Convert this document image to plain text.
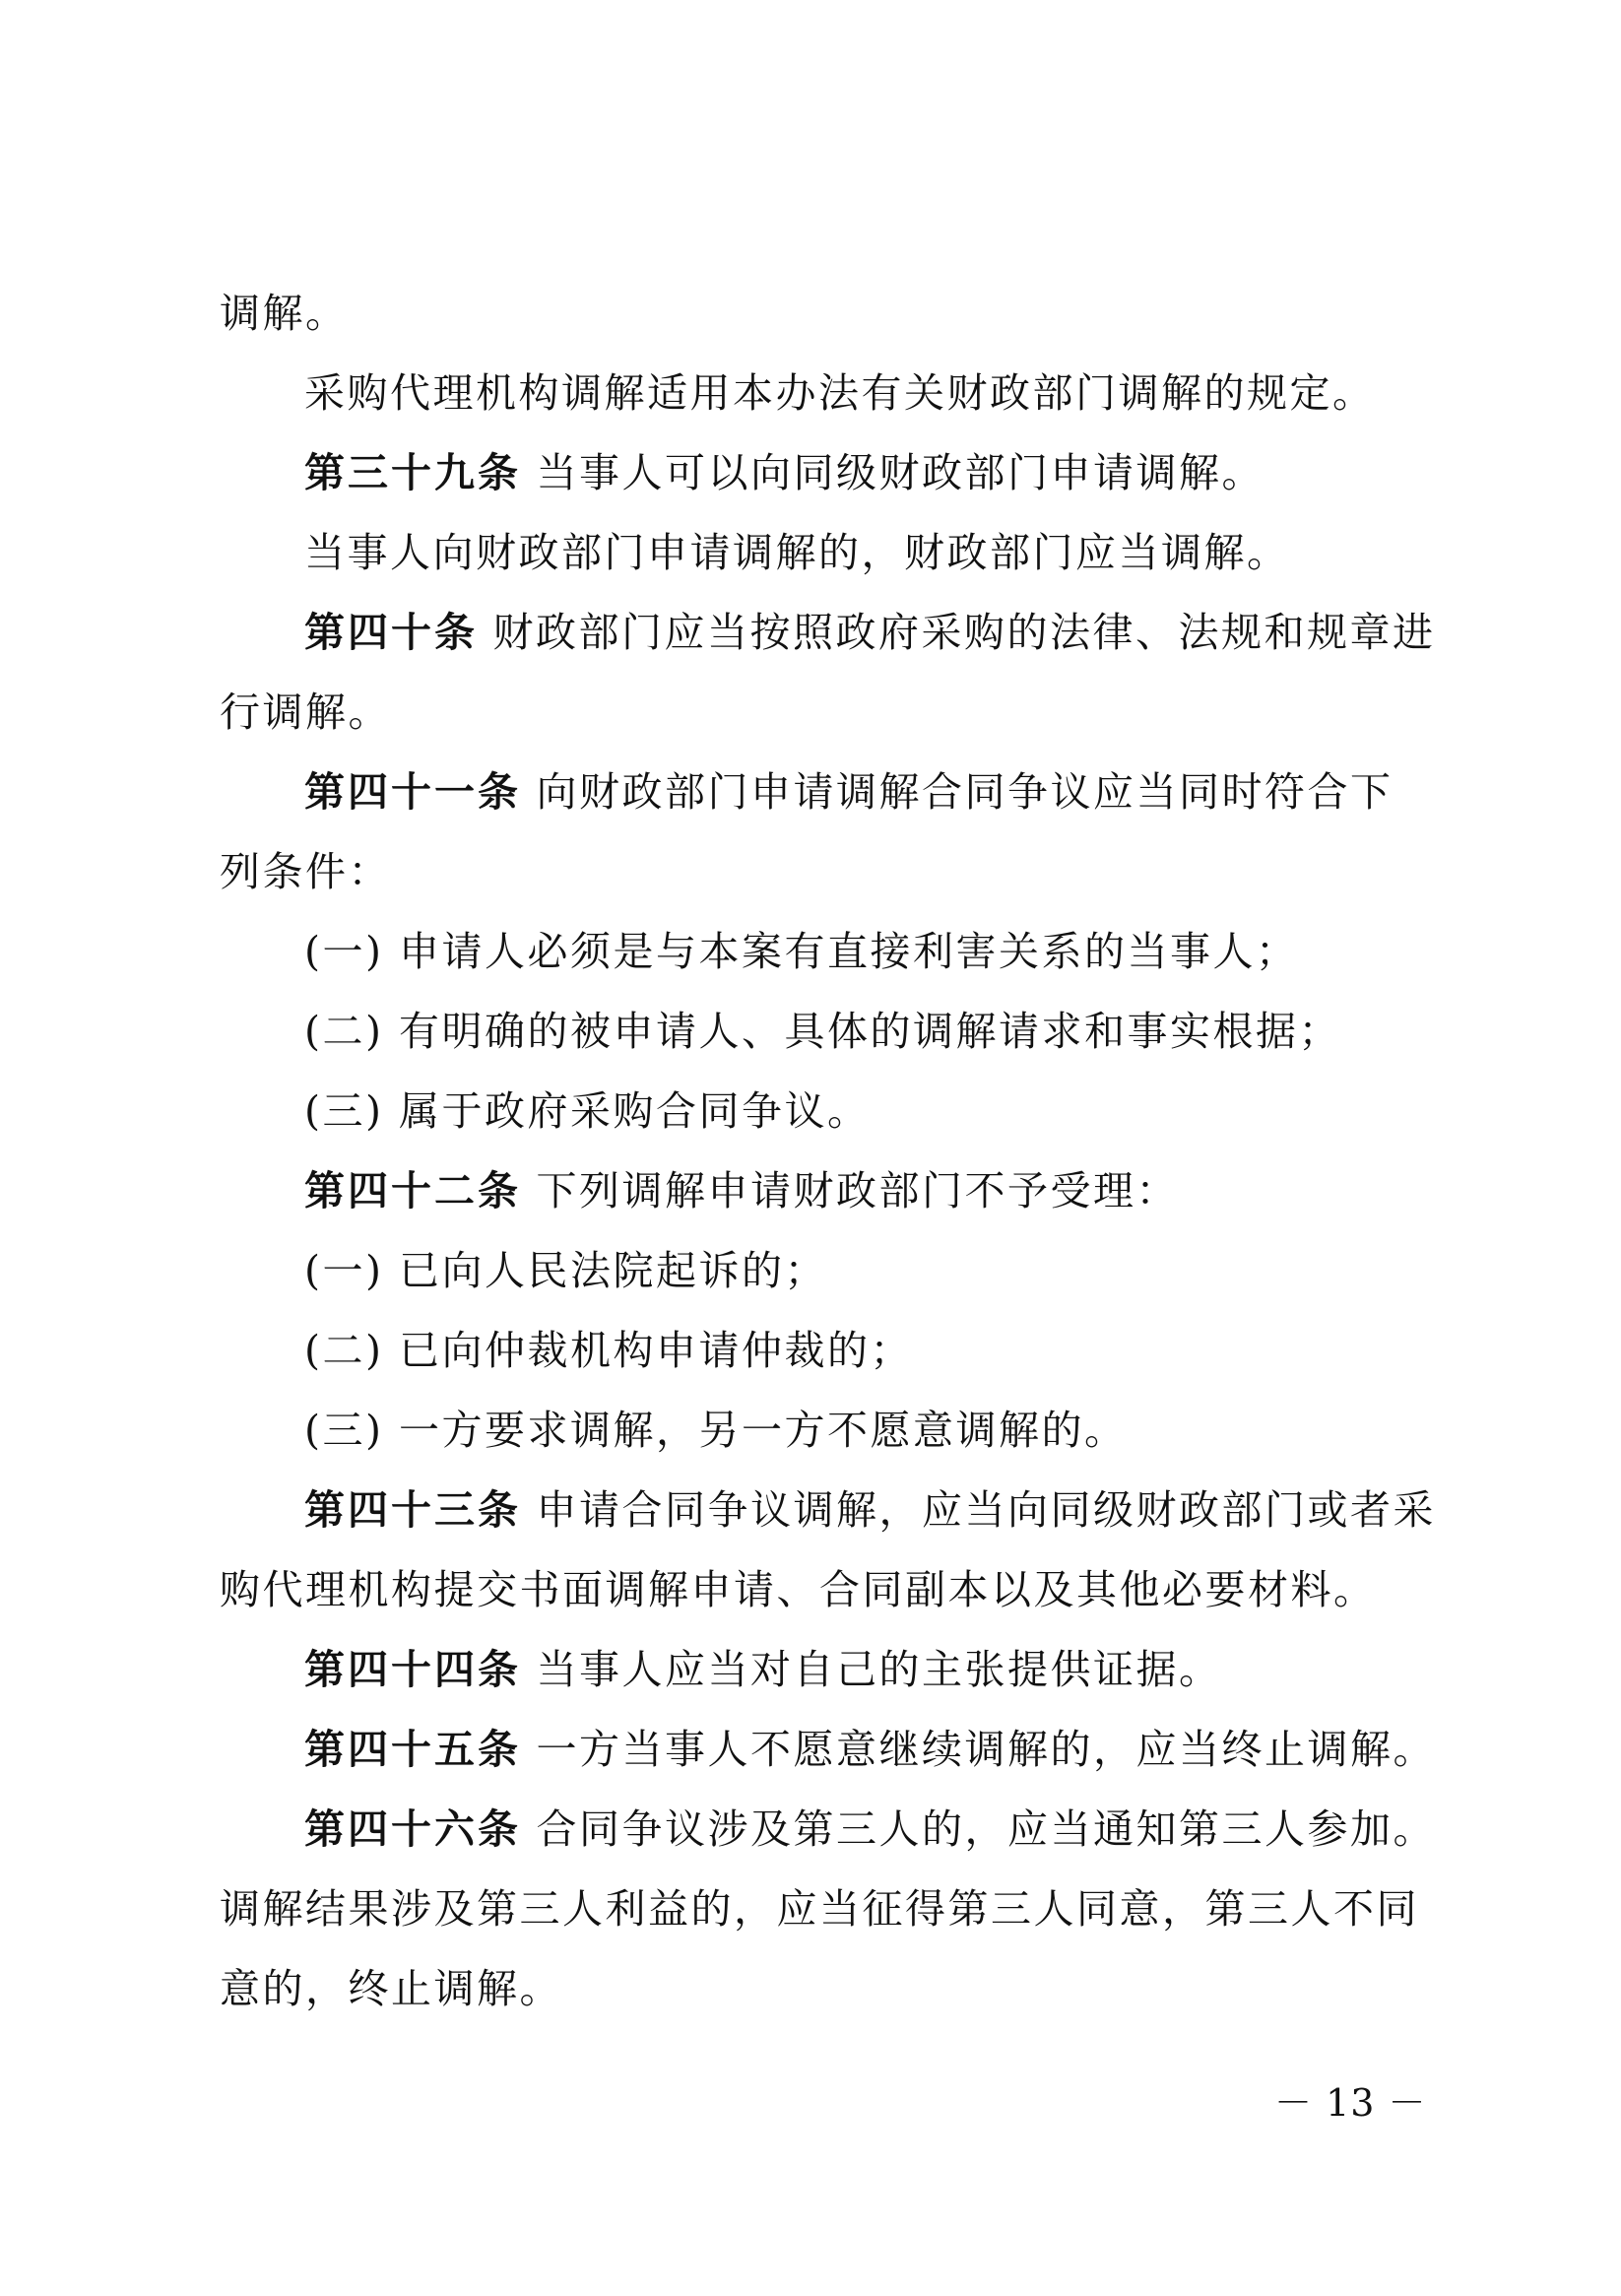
调解。
采购代理机构调解适用本办法有关财政部门调解的规定。
第三十九条 当事人可以向同级财政部门申请调解。
当事人向财政部门申请调解的，财政部门应当调解。
第四十条 财政部门应当按照政府采购的法律、法规和规章进
行调解。
第四十一条 向财政部门申请调解合同争议应当同时符合下
列条件：
(一) 申请人必须是与本案有直接利害关系的当事人；
(二) 有明确的被申请人、具体的调解请求和事实根据；
(三) 属于政府采购合同争议。
第四十二条 下列调解申请财政部门不予受理：
(一) 已向人民法院起诉的；
(二) 已向仲裁机构申请仲裁的；
(三) 一方要求调解，另一方不愿意调解的。
第四十三条 申请合同争议调解，应当向同级财政部门或者采
购代理机构提交书面调解申请、合同副本以及其他必要材料。
第四十四条 当事人应当对自己的主张提供证据。
第四十五条 一方当事人不愿意继续调解的，应当终止调解。
第四十六条 合同争议涉及第三人的，应当通知第三人参加。
调解结果涉及第三人利益的，应当征得第三人同意，第三人不同
意的，终止调解。
－ 13 －
